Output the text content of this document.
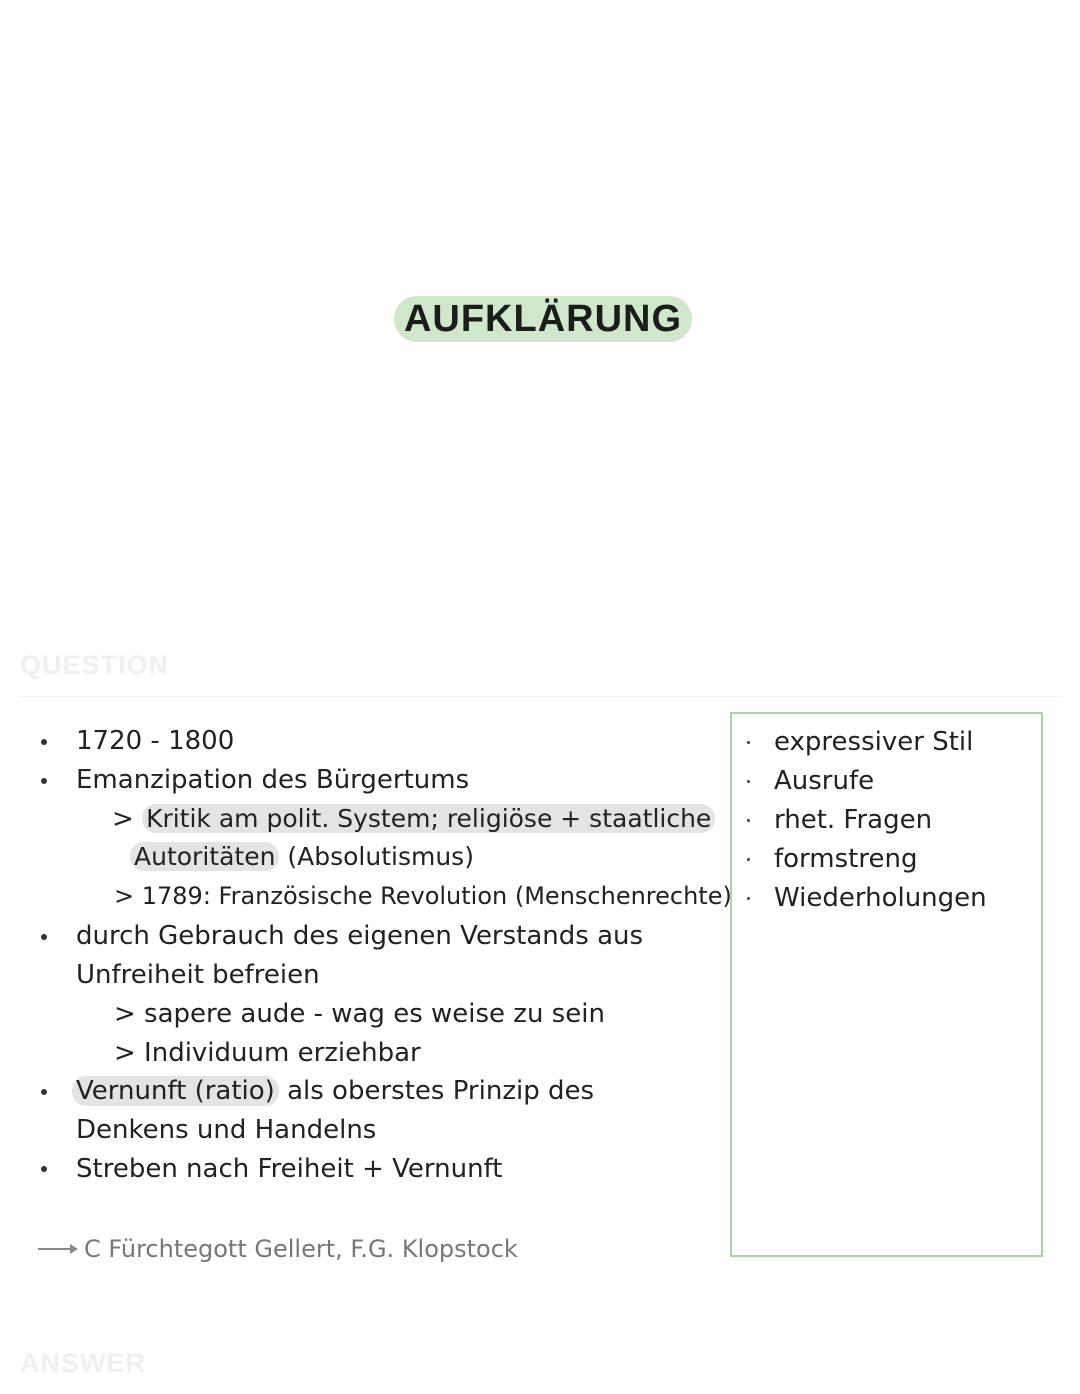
AUFKLÄRUNG
QUESTION
1720 - 1800
Emanzipation des Bürgertums
> Kritik am polit. System; religiöse + staatliche
Autoritäten (Absolutismus)
> 1789: Französische Revolution (Menschenrechte)
durch Gebrauch des eigenen Verstands aus
Unfreiheit befreien
> sapere aude - wag es weise zu sein
> Individuum erziehbar
Vernunft (ratio) als oberstes Prinzip des
Denkens und Handelns
Streben nach Freiheit + Vernunft
C Fürchtegott Gellert, F.G. Klopstock
expressiver Stil
Ausrufe
rhet. Fragen
formstreng
Wiederholungen
ANSWER
